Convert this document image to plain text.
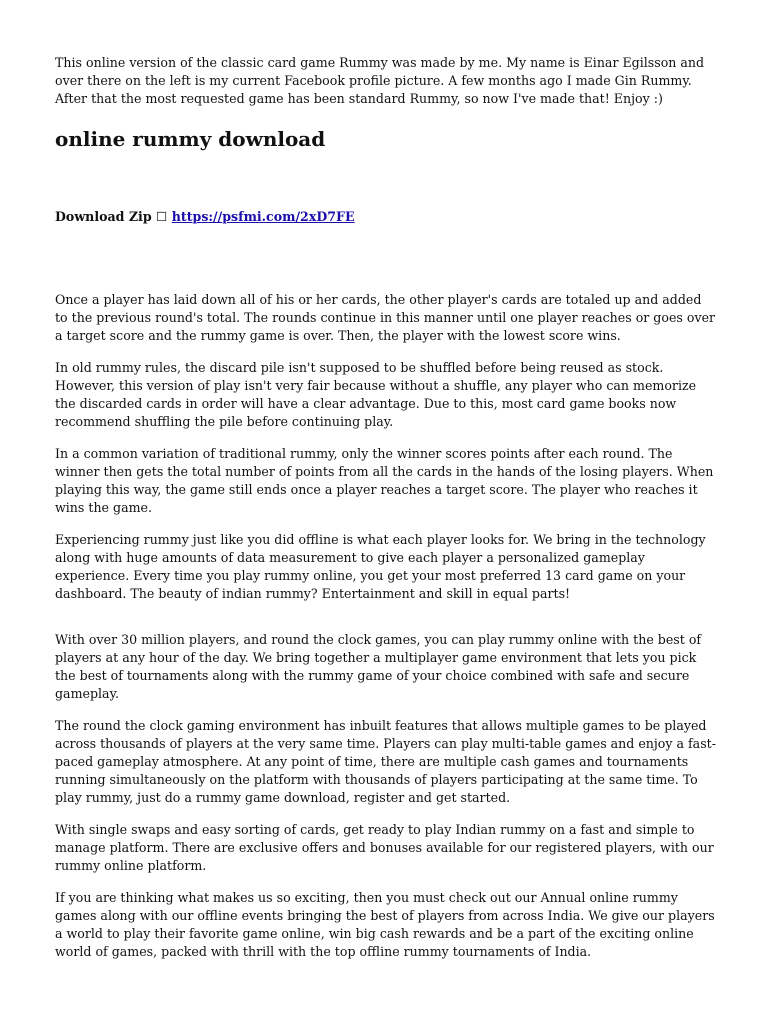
This online version of the classic card game Rummy was made by me. My name is Einar Egilsson and over there on the left is my current Facebook profile picture. A few months ago I made Gin Rummy. After that the most requested game has been standard Rummy, so now I've made that! Enjoy :)

online rummy download

Download Zip ☐ https://psfmi.com/2xD7FE

Once a player has laid down all of his or her cards, the other player's cards are totaled up and added to the previous round's total. The rounds continue in this manner until one player reaches or goes over a target score and the rummy game is over. Then, the player with the lowest score wins.

In old rummy rules, the discard pile isn't supposed to be shuffled before being reused as stock. However, this version of play isn't very fair because without a shuffle, any player who can memorize the discarded cards in order will have a clear advantage. Due to this, most card game books now recommend shuffling the pile before continuing play.

In a common variation of traditional rummy, only the winner scores points after each round. The winner then gets the total number of points from all the cards in the hands of the losing players. When playing this way, the game still ends once a player reaches a target score. The player who reaches it wins the game.

Experiencing rummy just like you did offline is what each player looks for. We bring in the technology along with huge amounts of data measurement to give each player a personalized gameplay experience. Every time you play rummy online, you get your most preferred 13 card game on your dashboard. The beauty of indian rummy? Entertainment and skill in equal parts!

With over 30 million players, and round the clock games, you can play rummy online with the best of players at any hour of the day. We bring together a multiplayer game environment that lets you pick the best of tournaments along with the rummy game of your choice combined with safe and secure gameplay.

The round the clock gaming environment has inbuilt features that allows multiple games to be played across thousands of players at the very same time. Players can play multi-table games and enjoy a fast-paced gameplay atmosphere. At any point of time, there are multiple cash games and tournaments running simultaneously on the platform with thousands of players participating at the same time. To play rummy, just do a rummy game download, register and get started.

With single swaps and easy sorting of cards, get ready to play Indian rummy on a fast and simple to manage platform. There are exclusive offers and bonuses available for our registered players, with our rummy online platform.

If you are thinking what makes us so exciting, then you must check out our Annual online rummy games along with our offline events bringing the best of players from across India. We give our players a world to play their favorite game online, win big cash rewards and be a part of the exciting online world of games, packed with thrill with the top offline rummy tournaments of India.
